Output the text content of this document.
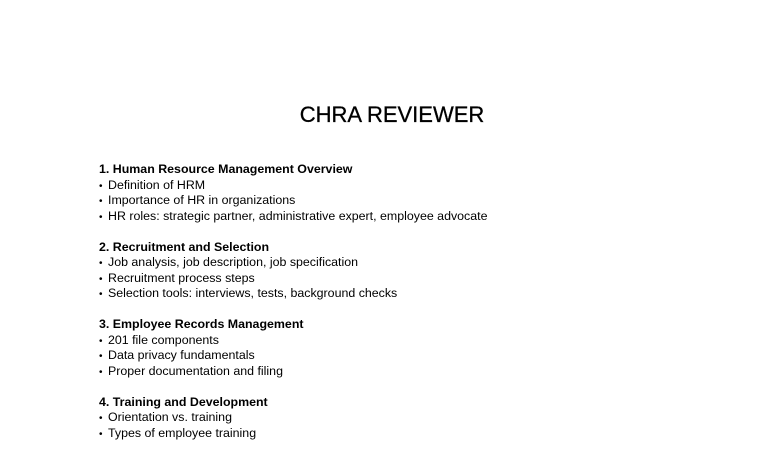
CHRA REVIEWER
1. Human Resource Management Overview
• Definition of HRM
• Importance of HR in organizations
• HR roles: strategic partner, administrative expert, employee advocate
2. Recruitment and Selection
• Job analysis, job description, job specification
• Recruitment process steps
• Selection tools: interviews, tests, background checks
3. Employee Records Management
• 201 file components
• Data privacy fundamentals
• Proper documentation and filing
4. Training and Development
• Orientation vs. training
• Types of employee training
